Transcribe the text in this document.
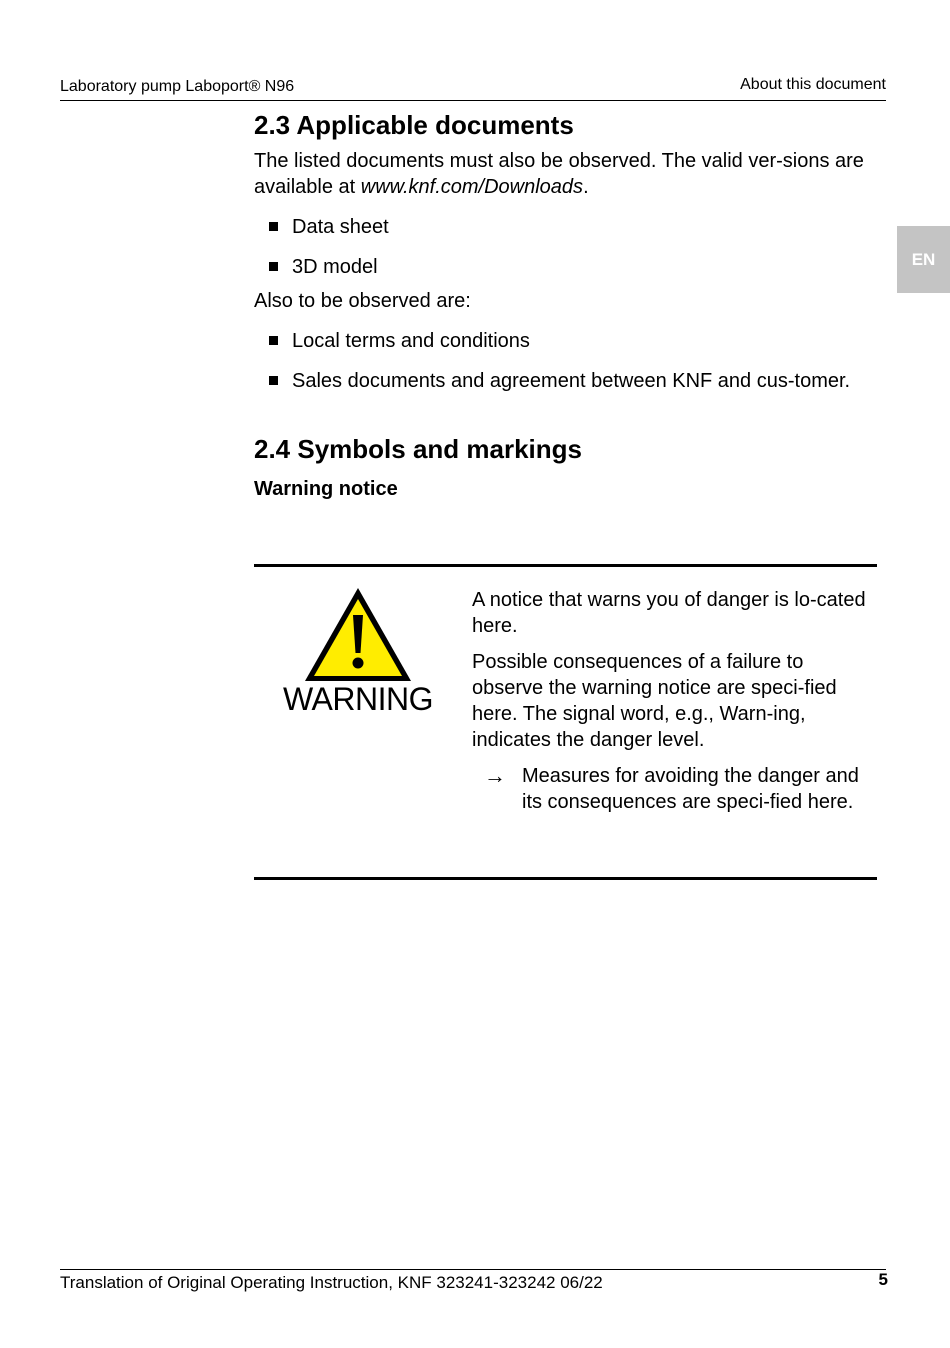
Laboratory pump Laboport® N96	About this document
EN
2.3 Applicable documents

The listed documents must also be observed. The valid ver-sions are available at www.knf.com/Downloads.

Data sheet
3D model

Also to be observed are:

Local terms and conditions
Sales documents and agreement between KNF and cus-tomer.
2.4 Symbols and markings
Warning notice
WARNING

A notice that warns you of danger is lo-cated here.

Possible consequences of a failure to observe the warning notice are speci-fied here. The signal word, e.g., Warn-ing, indicates the danger level.

→ Measures for avoiding the danger and its consequences are speci-fied here.
Translation of Original Operating Instruction, KNF 323241-323242 06/22	5
